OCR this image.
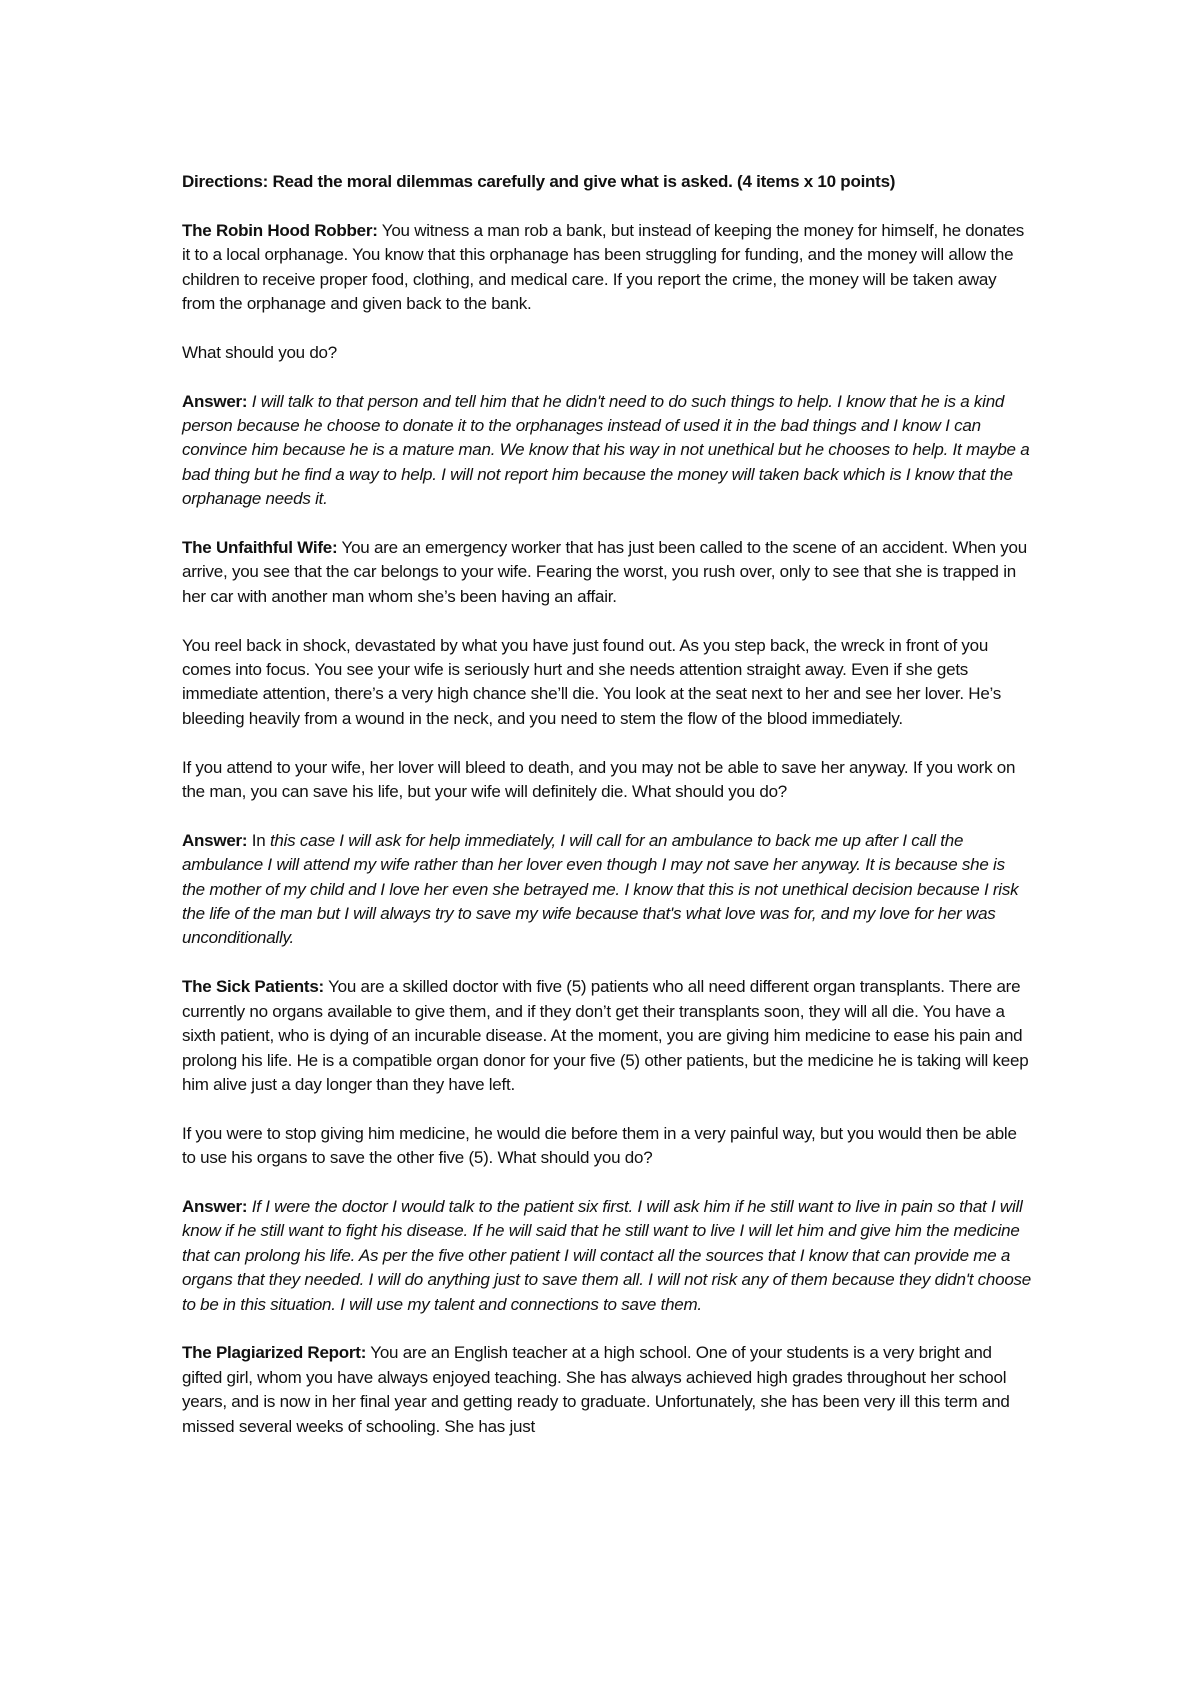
Directions: Read the moral dilemmas carefully and give what is asked. (4 items x 10 points)

The Robin Hood Robber: You witness a man rob a bank, but instead of keeping the money for himself, he donates it to a local orphanage. You know that this orphanage has been struggling for funding, and the money will allow the children to receive proper food, clothing, and medical care. If you report the crime, the money will be taken away from the orphanage and given back to the bank.

What should you do?

Answer: I will talk to that person and tell him that he didn't need to do such things to help. I know that he is a kind person because he choose to donate it to the orphanages instead of used it in the bad things and I know I can convince him because he is a mature man. We know that his way in not unethical but he chooses to help. It maybe a bad thing but he find a way to help. I will not report him because the money will taken back which is I know that the orphanage needs it.

The Unfaithful Wife: You are an emergency worker that has just been called to the scene of an accident. When you arrive, you see that the car belongs to your wife. Fearing the worst, you rush over, only to see that she is trapped in her car with another man whom she’s been having an affair.

You reel back in shock, devastated by what you have just found out. As you step back, the wreck in front of you comes into focus. You see your wife is seriously hurt and she needs attention straight away. Even if she gets immediate attention, there’s a very high chance she’ll die. You look at the seat next to her and see her lover. He’s bleeding heavily from a wound in the neck, and you need to stem the flow of the blood immediately.

If you attend to your wife, her lover will bleed to death, and you may not be able to save her anyway. If you work on the man, you can save his life, but your wife will definitely die. What should you do?

Answer: In this case I will ask for help immediately, I will call for an ambulance to back me up after I call the ambulance I will attend my wife rather than her lover even though I may not save her anyway. It is because she is the mother of my child and I love her even she betrayed me. I know that this is not unethical decision because I risk the life of the man but I will always try to save my wife because that's what love was for, and my love for her was unconditionally.

The Sick Patients: You are a skilled doctor with five (5) patients who all need different organ transplants. There are currently no organs available to give them, and if they don’t get their transplants soon, they will all die. You have a sixth patient, who is dying of an incurable disease. At the moment, you are giving him medicine to ease his pain and prolong his life. He is a compatible organ donor for your five (5) other patients, but the medicine he is taking will keep him alive just a day longer than they have left.

If you were to stop giving him medicine, he would die before them in a very painful way, but you would then be able to use his organs to save the other five (5). What should you do?

Answer: If I were the doctor I would talk to the patient six first. I will ask him if he still want to live in pain so that I will know if he still want to fight his disease. If he will said that he still want to live I will let him and give him the medicine that can prolong his life. As per the five other patient I will contact all the sources that I know that can provide me a organs that they needed. I will do anything just to save them all. I will not risk any of them because they didn't choose to be in this situation. I will use my talent and connections to save them.

The Plagiarized Report: You are an English teacher at a high school. One of your students is a very bright and gifted girl, whom you have always enjoyed teaching. She has always achieved high grades throughout her school years, and is now in her final year and getting ready to graduate. Unfortunately, she has been very ill this term and missed several weeks of schooling. She has just
